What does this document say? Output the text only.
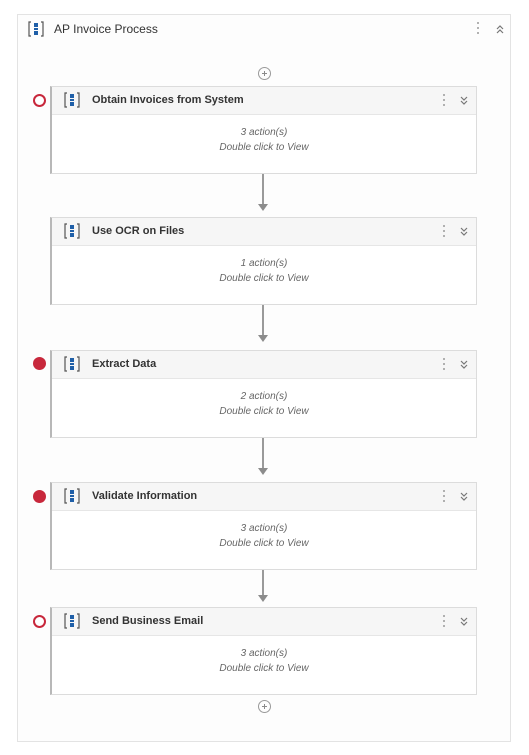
AP Invoice Process
Obtain Invoices from System
3 action(s)
Double click to View
Use OCR on Files
1 action(s)
Double click to View
Extract Data
2 action(s)
Double click to View
Validate Information
3 action(s)
Double click to View
Send Business Email
3 action(s)
Double click to View
